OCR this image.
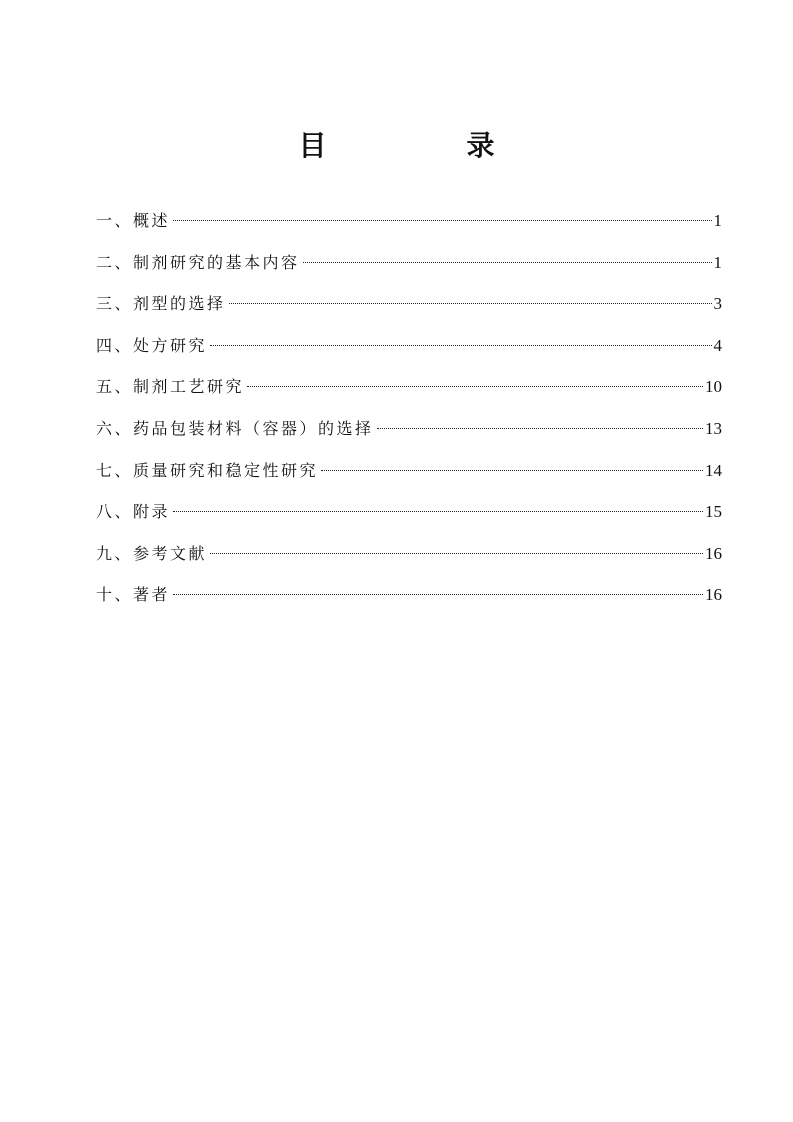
目　录
一、概述	1
二、制剂研究的基本内容	1
三、剂型的选择	3
四、处方研究	4
五、制剂工艺研究	10
六、药品包装材料（容器）的选择	13
七、质量研究和稳定性研究	14
八、附录	15
九、参考文献	16
十、著者	16
